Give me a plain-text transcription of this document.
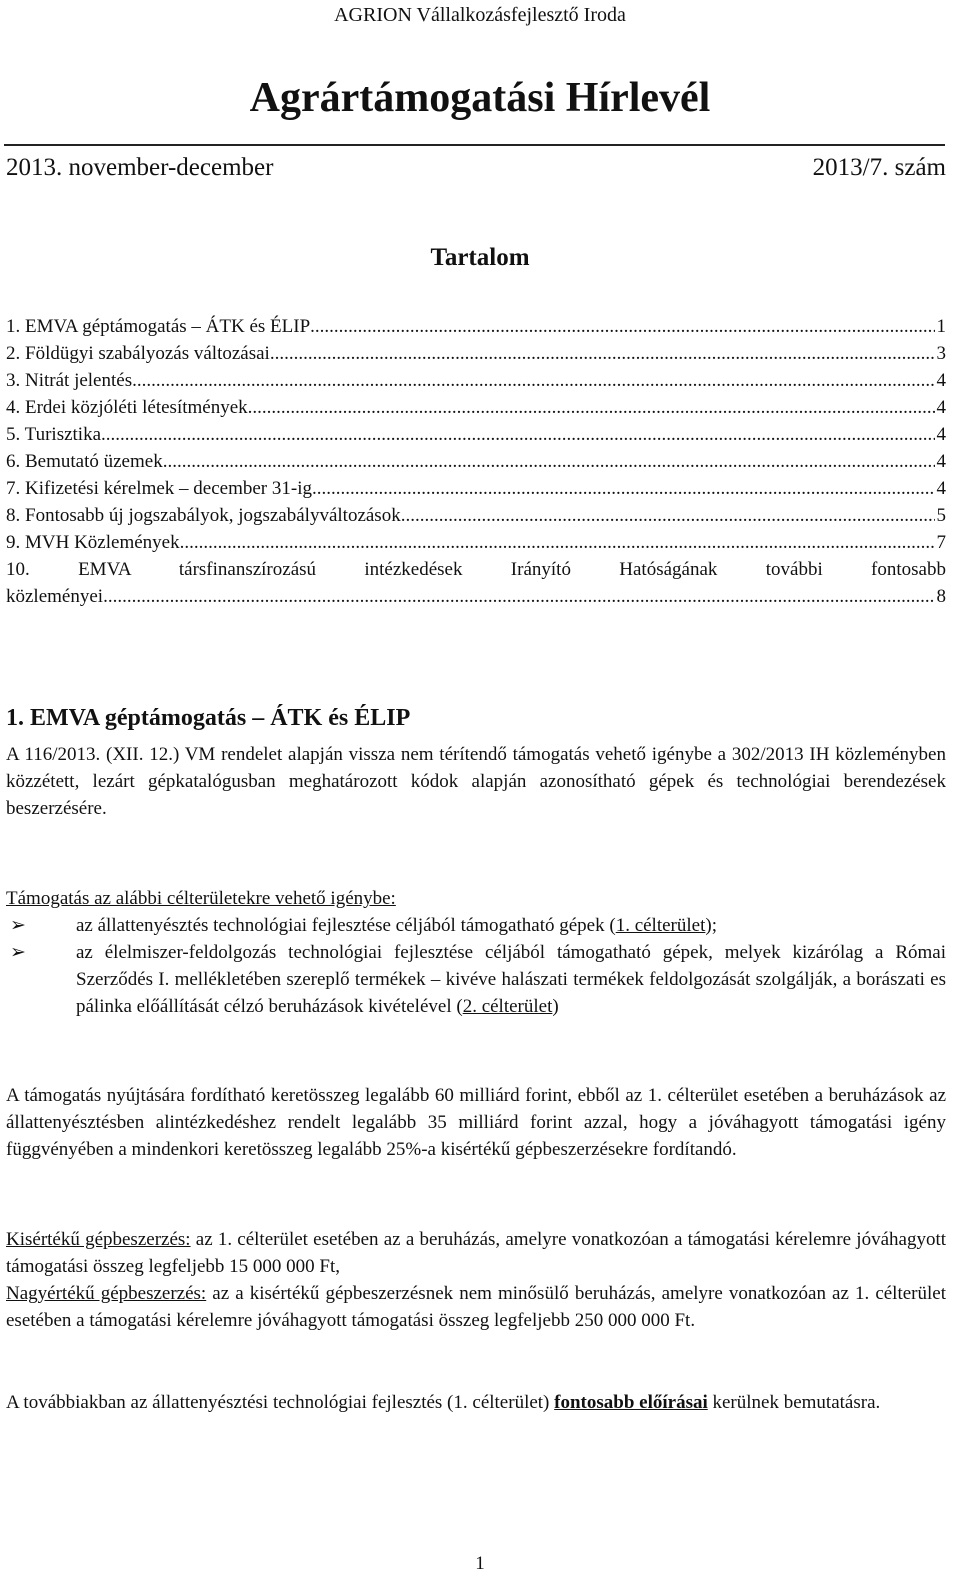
AGRION Vállalkozásfejlesztő Iroda
Agrártámogatási Hírlevél
2013. november-december	2013/7. szám
Tartalom
1. EMVA géptámogatás – ÁTK és ÉLIP .....	1
2. Földügyi szabályozás változásai .....	3
3. Nitrát jelentés .....	4
4. Erdei közjóléti létesítmények .....	4
5. Turisztika .....	4
6. Bemutató üzemek .....	4
7. Kifizetési kérelmek – december 31-ig .....	4
8. Fontosabb új jogszabályok, jogszabályváltozások .....	5
9. MVH Közlemények .....	7
10. EMVA társfinanszírozású intézkedések Irányító Hatóságának további fontosabb
közleményei .....	8
1. EMVA géptámogatás – ÁTK és ÉLIP
A 116/2013. (XII. 12.) VM rendelet alapján vissza nem térítendő támogatás vehető igénybe a 302/2013 IH közleményben közzétett, lezárt gépkatalógusban meghatározott kódok alapján azonosítható gépek és technológiai berendezések beszerzésére.
Támogatás az alábbi célterületekre vehető igénybe:
➢	az állattenyésztés technológiai fejlesztése céljából támogatható gépek (1. célterület);
➢	az élelmiszer-feldolgozás technológiai fejlesztése céljából támogatható gépek, melyek kizárólag a Római Szerződés I. mellékletében szereplő termékek – kivéve halászati termékek feldolgozását szolgálják, a borászati es pálinka előállítását célzó beruházások kivételével (2. célterület)
A támogatás nyújtására fordítható keretösszeg legalább 60 milliárd forint, ebből az 1. célterület esetében a beruházások az állattenyésztésben alintézkedéshez rendelt legalább 35 milliárd forint azzal, hogy a jóváhagyott támogatási igény függvényében a mindenkori keretösszeg legalább 25%-a kisértékű gépbeszerzésekre fordítandó.
Kisértékű gépbeszerzés: az 1. célterület esetében az a beruházás, amelyre vonatkozóan a támogatási kérelemre jóváhagyott támogatási összeg legfeljebb 15 000 000 Ft,
Nagyértékű gépbeszerzés: az a kisértékű gépbeszerzésnek nem minősülő beruházás, amelyre vonatkozóan az 1. célterület esetében a támogatási kérelemre jóváhagyott támogatási összeg legfeljebb 250 000 000 Ft.
A továbbiakban az állattenyésztési technológiai fejlesztés (1. célterület) fontosabb előírásai kerülnek bemutatásra.
1
